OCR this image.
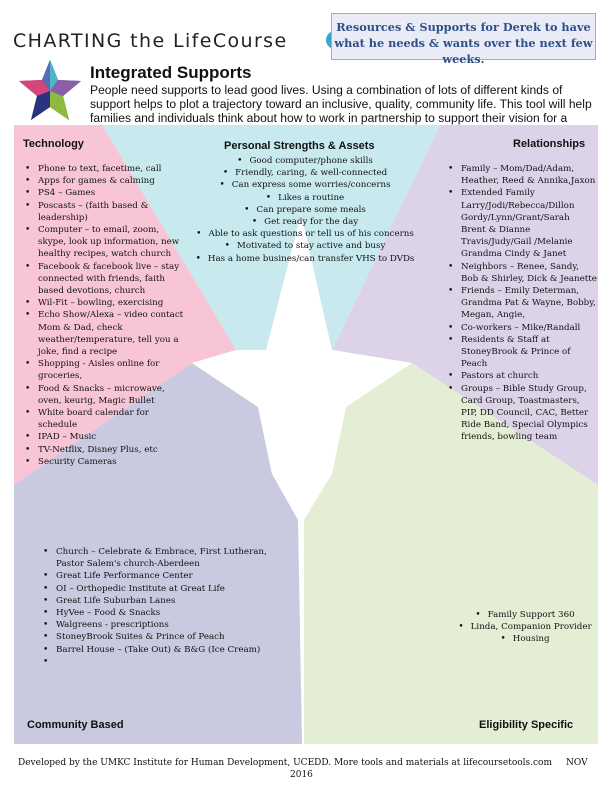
CHARTING the LifeCourse
Resources & Supports for Derek to have what he needs & wants over the next few weeks.
Integrated Supports

People need supports to lead good lives. Using a combination of lots of different kinds of support helps to plot a trajectory toward an inclusive, quality, community life. This tool will help families and individuals think about how to work in partnership to support their vision for a

Technology
• Phone to text, facetime, call
• Apps for games & calming
• PS4 – Games
• Poscasts – (faith based & leadership)
• Computer – to email, zoom, skype, look up information, new healthy recipes, watch church
• Facebook & facebook live – stay connected with friends, faith based devotions, church
• Wil-Fit – bowling, exercising
• Echo Show/Alexa – video contact Mom & Dad, check weather/temperature, tell you a joke, find a recipe
• Shopping - Aisles online for groceries,
• Food & Snacks – microwave, oven, keurig, Magic Bullet
• White board calendar for schedule
• IPAD – Music
• TV-Netflix, Disney Plus, etc
• Security Cameras
Personal Strengths & Assets
• Good computer/phone skills
• Friendly, caring, & well-connected
• Can express some worries/concerns
• Likes a routine
• Can prepare some meals
• Get ready for the day
• Able to ask questions or tell us of his concerns
• Motivated to stay active and busy
• Has a home busines/can transfer VHS to DVDs
Relationships
• Family – Mom/Dad/Adam, Heather, Reed & Annika,Jaxon
• Extended Family Larry/Jodi/Rebecca/Dillon Gordy/Lynn/Grant/Sarah Brent & Dianne Travis/Judy/Gail /Melanie Grandma Cindy & Janet
• Neighbors – Renee, Sandy, Bob & Shirley, Dick & Jeanette
• Friends – Emily Determan, Grandma Pat & Wayne, Bobby, Megan, Angie,
• Co-workers – Mike/Randall
• Residents & Staff at StoneyBrook & Prince of Peach
• Pastors at church
• Groups – Bible Study Group, Card Group, Toastmasters, PIP, DD Council, CAC, Better Ride Band, Special Olympics friends, bowling team
• Church – Celebrate & Embrace, First Lutheran, Pastor Salem's church-Aberdeen
• Great Life Performance Center
• OI – Orthopedic Institute at Great Life
• Great Life Suburban Lanes
• HyVee – Food & Snacks
• Walgreens - prescriptions
• StoneyBrook Suites & Prince of Peach
• Barrel House – (Take Out) & B&G (Ice Cream)
Community Based
• Family Support 360
• Linda, Companion Provider
• Housing
Eligibility Specific
Developed by the UMKC Institute for Human Development, UCEDD. More tools and materials at lifecoursetools.com NOV
2016
